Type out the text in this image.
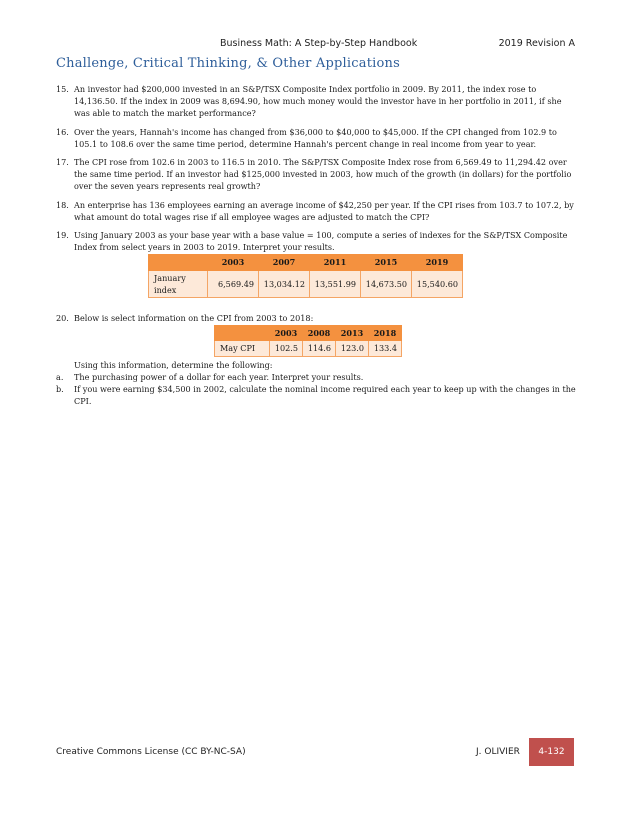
Business Math: A Step-by-Step Handbook	2019 Revision A
Challenge, Critical Thinking, & Other Applications
15. An investor had $200,000 invested in an S&P/TSX Composite Index portfolio in 2009. By 2011, the index rose to 14,136.50. If the index in 2009 was 8,694.90, how much money would the investor have in her portfolio in 2011, if she was able to match the market performance?
16. Over the years, Hannah's income has changed from $36,000 to $40,000 to $45,000. If the CPI changed from 102.9 to 105.1 to 108.6 over the same time period, determine Hannah's percent change in real income from year to year.
17. The CPI rose from 102.6 in 2003 to 116.5 in 2010. The S&P/TSX Composite Index rose from 6,569.49 to 11,294.42 over the same time period. If an investor had $125,000 invested in 2003, how much of the growth (in dollars) for the portfolio over the seven years represents real growth?
18. An enterprise has 136 employees earning an average income of $42,250 per year. If the CPI rises from 103.7 to 107.2, by what amount do total wages rise if all employee wages are adjusted to match the CPI?
19. Using January 2003 as your base year with a base value = 100, compute a series of indexes for the S&P/TSX Composite Index from select years in 2003 to 2019. Interpret your results.
	2003	2007	2011	2015	2019
January index	6,569.49	13,034.12	13,551.99	14,673.50	15,540.60
20. Below is select information on the CPI from 2003 to 2018:
	2003	2008	2013	2018
May CPI	102.5	114.6	123.0	133.4
Using this information, determine the following:
a.	The purchasing power of a dollar for each year. Interpret your results.
b.	If you were earning $34,500 in 2002, calculate the nominal income required each year to keep up with the changes in the CPI.
Creative Commons License (CC BY-NC-SA)	J. OLIVIER	4-132
